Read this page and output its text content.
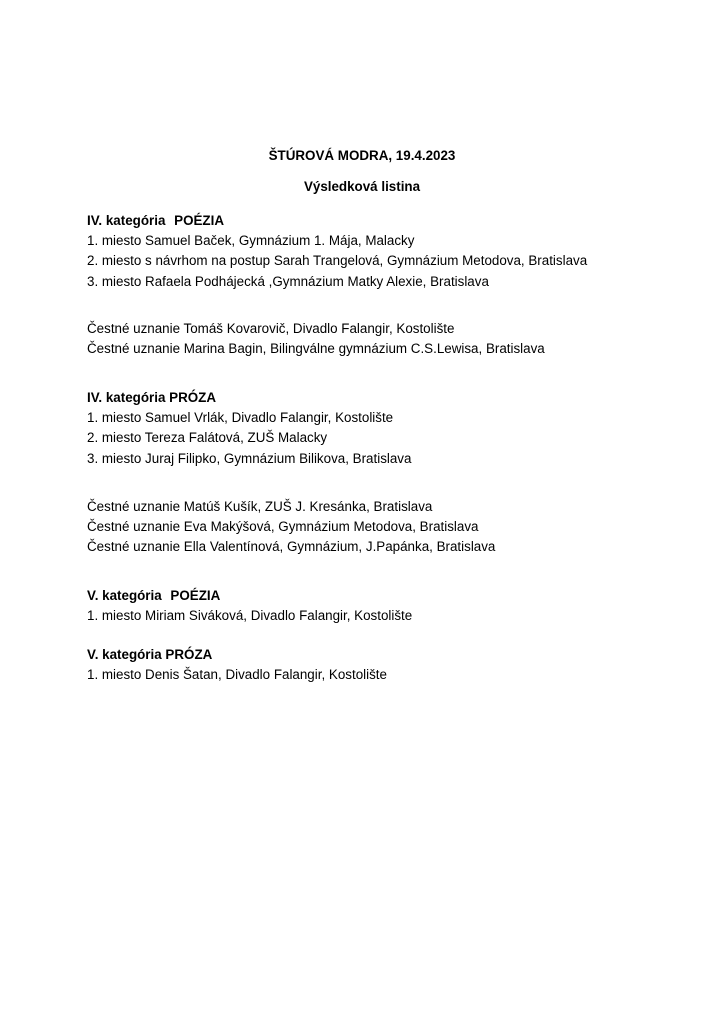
ŠTÚROVÁ MODRA, 19.4.2023
Výsledková listina
IV. kategória POÉZIA
1. miesto Samuel Baček, Gymnázium 1. Mája, Malacky
2. miesto s návrhom na postup Sarah Trangelová, Gymnázium Metodova, Bratislava
3. miesto Rafaela Podhájecká ,Gymnázium Matky Alexie, Bratislava
Čestné uznanie Tomáš Kovarovič, Divadlo Falangir, Kostolište
Čestné uznanie Marina Bagin, Bilingválne gymnázium C.S.Lewisa, Bratislava
IV. kategória PRÓZA
1. miesto Samuel Vrlák, Divadlo Falangir, Kostolište
2. miesto Tereza Falátová, ZUŠ Malacky
3. miesto Juraj Filipko, Gymnázium Bilikova, Bratislava
Čestné uznanie Matúš Kušík, ZUŠ J. Kresánka, Bratislava
Čestné uznanie Eva Makýšová, Gymnázium Metodova, Bratislava
Čestné uznanie Ella Valentínová, Gymnázium, J.Papánka, Bratislava
V. kategória POÉZIA
1. miesto Miriam Siváková, Divadlo Falangir, Kostolište
V. kategória PRÓZA
1. miesto Denis Šatan, Divadlo Falangir, Kostolište
